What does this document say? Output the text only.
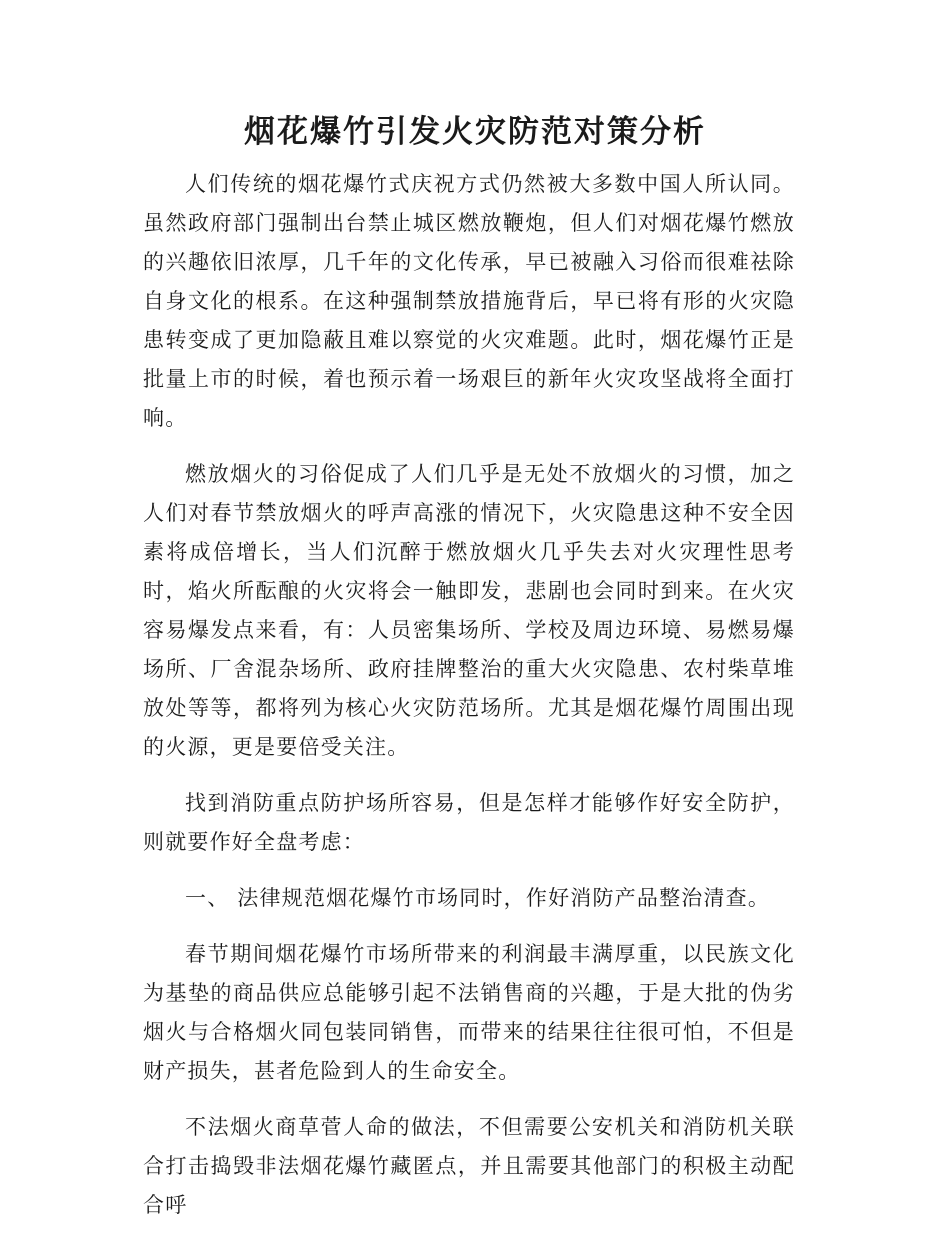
烟花爆竹引发火灾防范对策分析

人们传统的烟花爆竹式庆祝方式仍然被大多数中国人所认同。虽然政府部门强制出台禁止城区燃放鞭炮，但人们对烟花爆竹燃放的兴趣依旧浓厚，几千年的文化传承，早已被融入习俗而很难祛除自身文化的根系。在这种强制禁放措施背后，早已将有形的火灾隐患转变成了更加隐蔽且难以察觉的火灾难题。此时，烟花爆竹正是批量上市的时候，着也预示着一场艰巨的新年火灾攻坚战将全面打响。

燃放烟火的习俗促成了人们几乎是无处不放烟火的习惯，加之人们对春节禁放烟火的呼声高涨的情况下，火灾隐患这种不安全因素将成倍增长，当人们沉醉于燃放烟火几乎失去对火灾理性思考时，焰火所酝酿的火灾将会一触即发，悲剧也会同时到来。在火灾容易爆发点来看，有：人员密集场所、学校及周边环境、易燃易爆场所、厂舍混杂场所、政府挂牌整治的重大火灾隐患、农村柴草堆放处等等，都将列为核心火灾防范场所。尤其是烟花爆竹周围出现的火源，更是要倍受关注。

找到消防重点防护场所容易，但是怎样才能够作好安全防护，则就要作好全盘考虑：

一、 法律规范烟花爆竹市场同时，作好消防产品整治清查。

春节期间烟花爆竹市场所带来的利润最丰满厚重，以民族文化为基垫的商品供应总能够引起不法销售商的兴趣，于是大批的伪劣烟火与合格烟火同包装同销售，而带来的结果往往很可怕，不但是财产损失，甚者危险到人的生命安全。

不法烟火商草菅人命的做法，不但需要公安机关和消防机关联合打击捣毁非法烟花爆竹藏匿点，并且需要其他部门的积极主动配合呼
